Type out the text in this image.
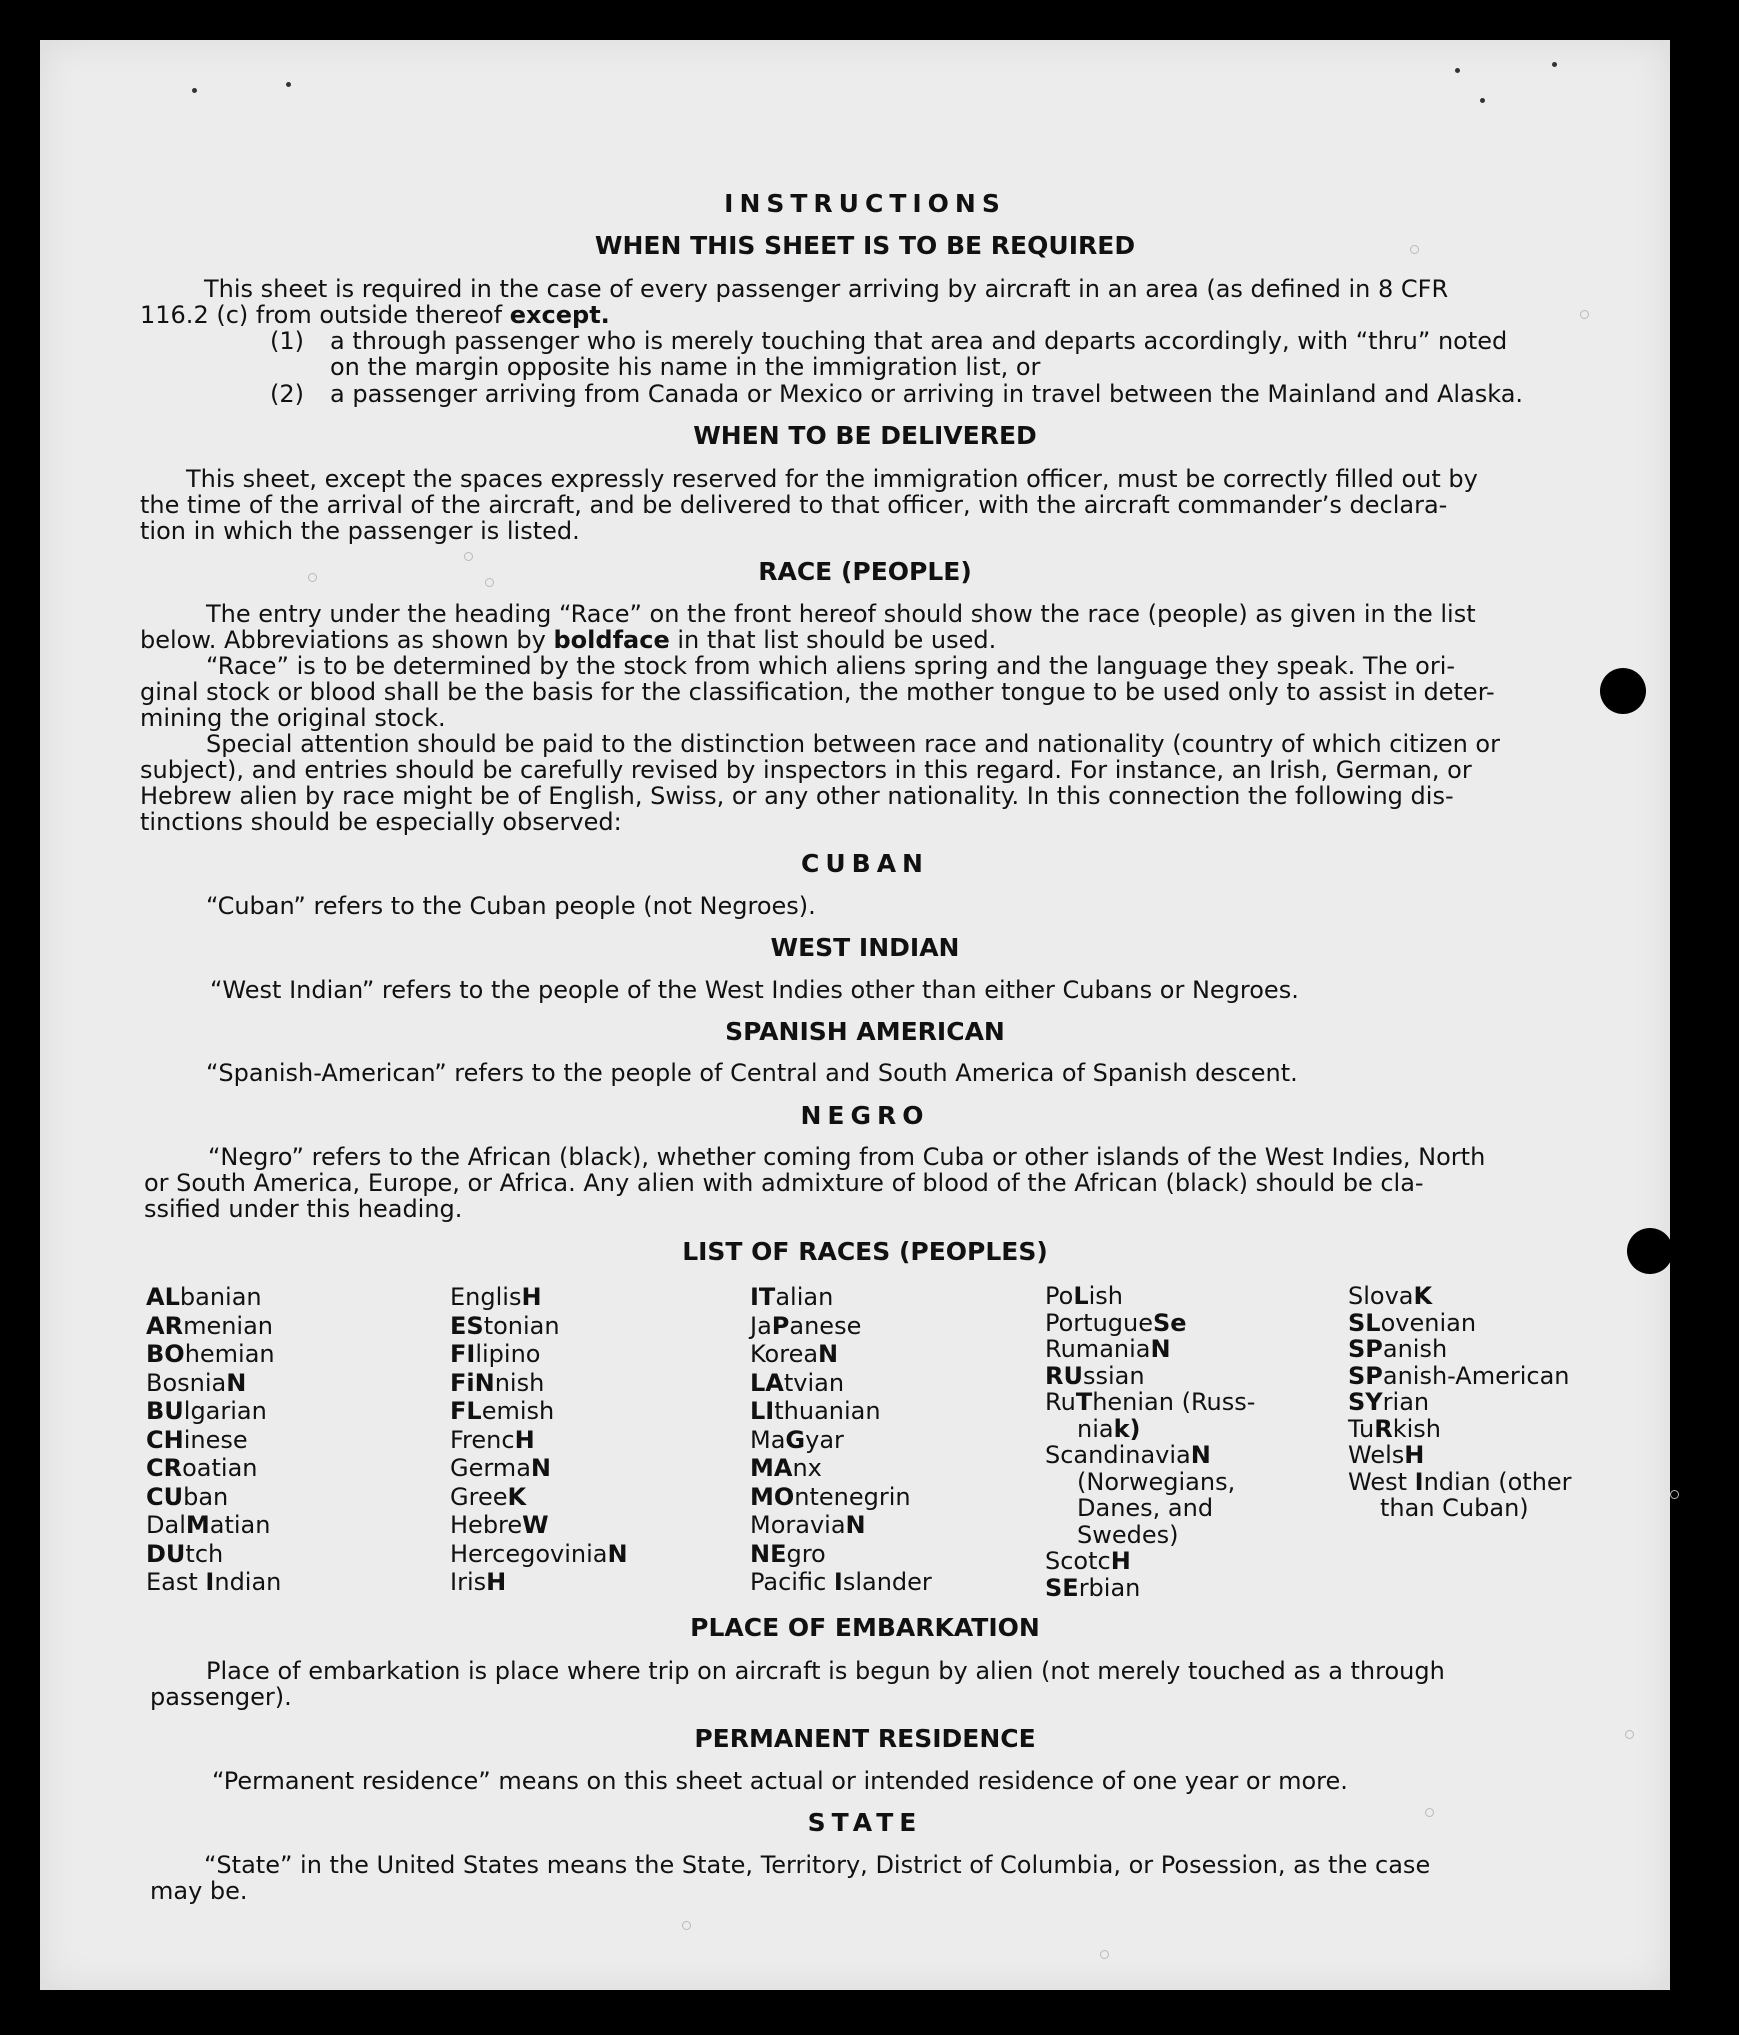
INSTRUCTIONS
WHEN THIS SHEET IS TO BE REQUIRED
This sheet is required in the case of every passenger arriving by aircraft in an area (as defined in 8 CFR
116.2 (c) from outside thereof except.
(1) a through passenger who is merely touching that area and departs accordingly, with “thru” noted
on the margin opposite his name in the immigration list, or
(2) a passenger arriving from Canada or Mexico or arriving in travel between the Mainland and Alaska.
WHEN TO BE DELIVERED
This sheet, except the spaces expressly reserved for the immigration officer, must be correctly filled out by
the time of the arrival of the aircraft, and be delivered to that officer, with the aircraft commander’s declara-
tion in which the passenger is listed.
RACE (PEOPLE)
The entry under the heading “Race” on the front hereof should show the race (people) as given in the list
below. Abbreviations as shown by boldface in that list should be used.
“Race” is to be determined by the stock from which aliens spring and the language they speak. The ori-
ginal stock or blood shall be the basis for the classification, the mother tongue to be used only to assist in deter-
mining the original stock.
Special attention should be paid to the distinction between race and nationality (country of which citizen or
subject), and entries should be carefully revised by inspectors in this regard. For instance, an Irish, German, or
Hebrew alien by race might be of English, Swiss, or any other nationality. In this connection the following dis-
tinctions should be especially observed:
CUBAN
“Cuban” refers to the Cuban people (not Negroes).
WEST INDIAN
“West Indian” refers to the people of the West Indies other than either Cubans or Negroes.
SPANISH AMERICAN
“Spanish-American” refers to the people of Central and South America of Spanish descent.
NEGRO
“Negro” refers to the African (black), whether coming from Cuba or other islands of the West Indies, North
or South America, Europe, or Africa. Any alien with admixture of blood of the African (black) should be cla-
ssified under this heading.
LIST OF RACES (PEOPLES)
ALbanian
ARmenian
BOhemian
BosniaN
BUlgarian
CHinese
CRoatian
CUban
DalMatian
DUtch
East Indian
EnglisH
EStonian
FIlipino
FiNnish
FLemish
FrencH
GermaN
GreeK
HebreW
HercegoviniaN
IrisH
ITalian
JaPanese
KoreaN
LAtvian
LIthuanian
MaGyar
MAnx
MOntenegrin
MoraviaN
NEgro
Pacific Islander
PoLish
PortugueSe
RumaniaN
RUssian
RuThenian (Russ-
niak)
ScandinaviaN
(Norwegians,
Danes, and
Swedes)
ScotcH
SErbian
SlovaK
SLovenian
SPanish
SPanish-American
SYrian
TuRkish
WelsH
West Indian (other
than Cuban)
PLACE OF EMBARKATION
Place of embarkation is place where trip on aircraft is begun by alien (not merely touched as a through
passenger).
PERMANENT RESIDENCE
“Permanent residence” means on this sheet actual or intended residence of one year or more.
STATE
“State” in the United States means the State, Territory, District of Columbia, or Posession, as the case
may be.
